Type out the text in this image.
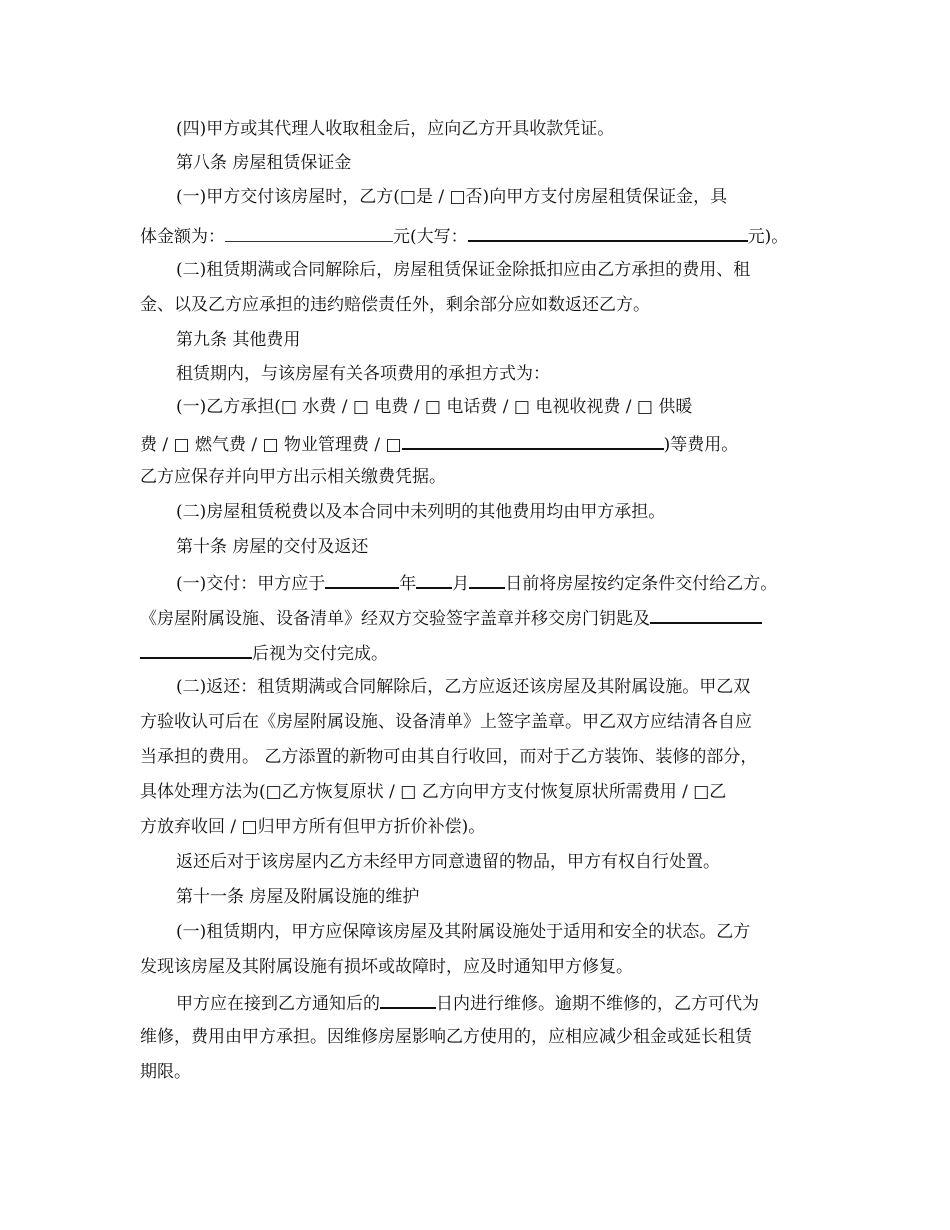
(四)甲方或其代理人收取租金后，应向乙方开具收款凭证。
第八条 房屋租赁保证金
(一)甲方交付该房屋时，乙方(□是 / □否)向甲方支付房屋租赁保证金，具
体金额为：	元(大写：	元)。
(二)租赁期满或合同解除后，房屋租赁保证金除抵扣应由乙方承担的费用、租
金、以及乙方应承担的违约赔偿责任外，剩余部分应如数返还乙方。
第九条 其他费用
租赁期内，与该房屋有关各项费用的承担方式为：
(一)乙方承担(□ 水费 / □ 电费 / □ 电话费 / □ 电视收视费 / □ 供暖
费 / □ 燃气费 / □ 物业管理费 / □	)等费用。
乙方应保存并向甲方出示相关缴费凭据。
(二)房屋租赁税费以及本合同中未列明的其他费用均由甲方承担。
第十条 房屋的交付及返还
(一)交付：甲方应于	年 月 日前将房屋按约定条件交付给乙方。
《房屋附属设施、设备清单》经双方交验签字盖章并移交房门钥匙及
后视为交付完成。
(二)返还：租赁期满或合同解除后，乙方应返还该房屋及其附属设施。甲乙双
方验收认可后在《房屋附属设施、设备清单》上签字盖章。甲乙双方应结清各自应
当承担的费用。 乙方添置的新物可由其自行收回，而对于乙方装饰、装修的部分，
具体处理方法为(□乙方恢复原状 / □ 乙方向甲方支付恢复原状所需费用 / □乙
方放弃收回 / □归甲方所有但甲方折价补偿)。
返还后对于该房屋内乙方未经甲方同意遗留的物品，甲方有权自行处置。
第十一条 房屋及附属设施的维护
(一)租赁期内，甲方应保障该房屋及其附属设施处于适用和安全的状态。乙方
发现该房屋及其附属设施有损坏或故障时，应及时通知甲方修复。
甲方应在接到乙方通知后的	日内进行维修。逾期不维修的，乙方可代为
维修，费用由甲方承担。因维修房屋影响乙方使用的，应相应减少租金或延长租赁
期限。
